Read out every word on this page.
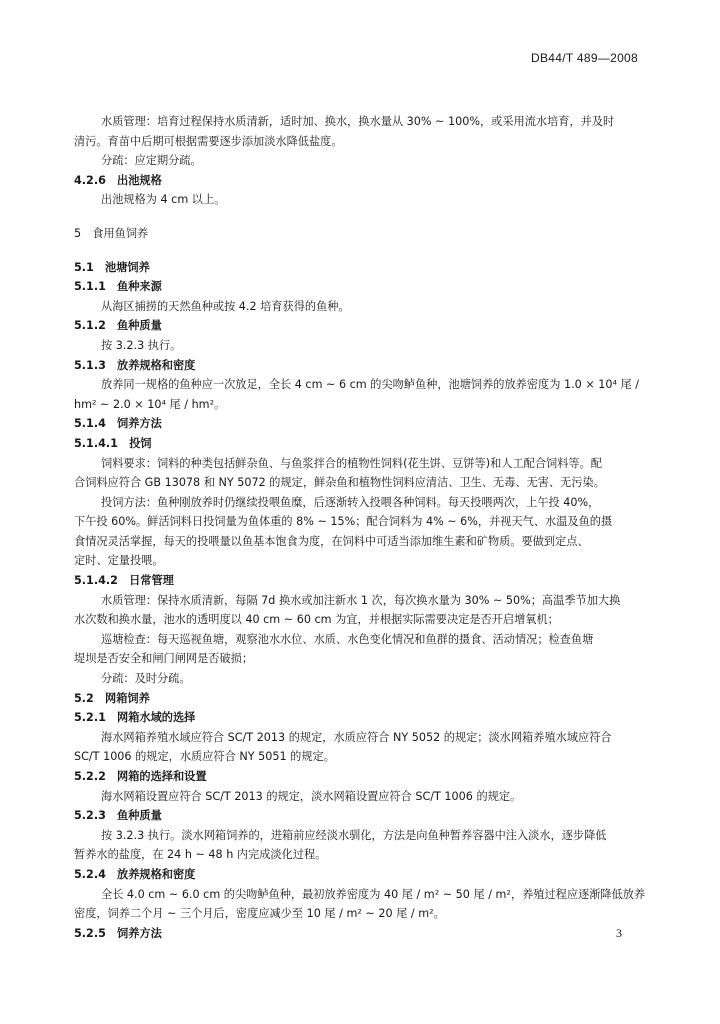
DB44/T 489—2008
水质管理：培育过程保持水质清新，适时加、换水，换水量从 30% ~ 100%，或采用流水培育，并及时
清污。育苗中后期可根据需要逐步添加淡水降低盐度。
分疏：应定期分疏。
4.2.6　出池规格
出池规格为 4 cm 以上。
5　食用鱼饲养
5.1　池塘饲养
5.1.1　鱼种来源
从海区捕捞的天然鱼种或按 4.2 培育获得的鱼种。
5.1.2　鱼种质量
按 3.2.3 执行。
5.1.3　放养规格和密度
放养同一规格的鱼种应一次放足，全长 4 cm ~ 6 cm 的尖吻鲈鱼种，池塘饲养的放养密度为 1.0 × 10⁴ 尾 /
hm² ~ 2.0 × 10⁴ 尾 / hm²。
5.1.4　饲养方法
5.1.4.1　投饲
饲料要求：饲料的种类包括鲜杂鱼、与鱼浆拌合的植物性饲料(花生饼、豆饼等)和人工配合饲料等。配
合饲料应符合 GB 13078 和 NY 5072 的规定，鲜杂鱼和植物性饲料应清洁、卫生、无毒、无害、无污染。
投饲方法：鱼种刚放养时仍继续投喂鱼糜，后逐渐转入投喂各种饲料。每天投喂两次，上午投 40%，
下午投 60%。鲜活饲料日投饲量为鱼体重的 8% ~ 15%；配合饲料为 4% ~ 6%，并视天气、水温及鱼的摄
食情况灵活掌握，每天的投喂量以鱼基本饱食为度，在饲料中可适当添加维生素和矿物质。要做到定点、
定时、定量投喂。
5.1.4.2　日常管理
水质管理：保持水质清新，每隔 7d 换水或加注新水 1 次，每次换水量为 30% ~ 50%；高温季节加大换
水次数和换水量，池水的透明度以 40 cm ~ 60 cm 为宜，并根据实际需要决定是否开启增氧机；
巡塘检查：每天巡视鱼塘，观察池水水位、水质、水色变化情况和鱼群的摄食、活动情况；检查鱼塘
堤坝是否安全和闸门闸网是否破损；
分疏：及时分疏。
5.2　网箱饲养
5.2.1　网箱水域的选择
海水网箱养殖水域应符合 SC/T 2013 的规定，水质应符合 NY 5052 的规定；淡水网箱养殖水域应符合
SC/T 1006 的规定，水质应符合 NY 5051 的规定。
5.2.2　网箱的选择和设置
海水网箱设置应符合 SC/T 2013 的规定，淡水网箱设置应符合 SC/T 1006 的规定。
5.2.3　鱼种质量
按 3.2.3 执行。淡水网箱饲养的，进箱前应经淡水驯化，方法是向鱼种暂养容器中注入淡水，逐步降低
暂养水的盐度，在 24 h ~ 48 h 内完成淡化过程。
5.2.4　放养规格和密度
全长 4.0 cm ~ 6.0 cm 的尖吻鲈鱼种，最初放养密度为 40 尾 / m² ~ 50 尾 / m²，养殖过程应逐渐降低放养
密度，饲养二个月 ~ 三个月后，密度应减少至 10 尾 / m² ~ 20 尾 / m²。
5.2.5　饲养方法	3
